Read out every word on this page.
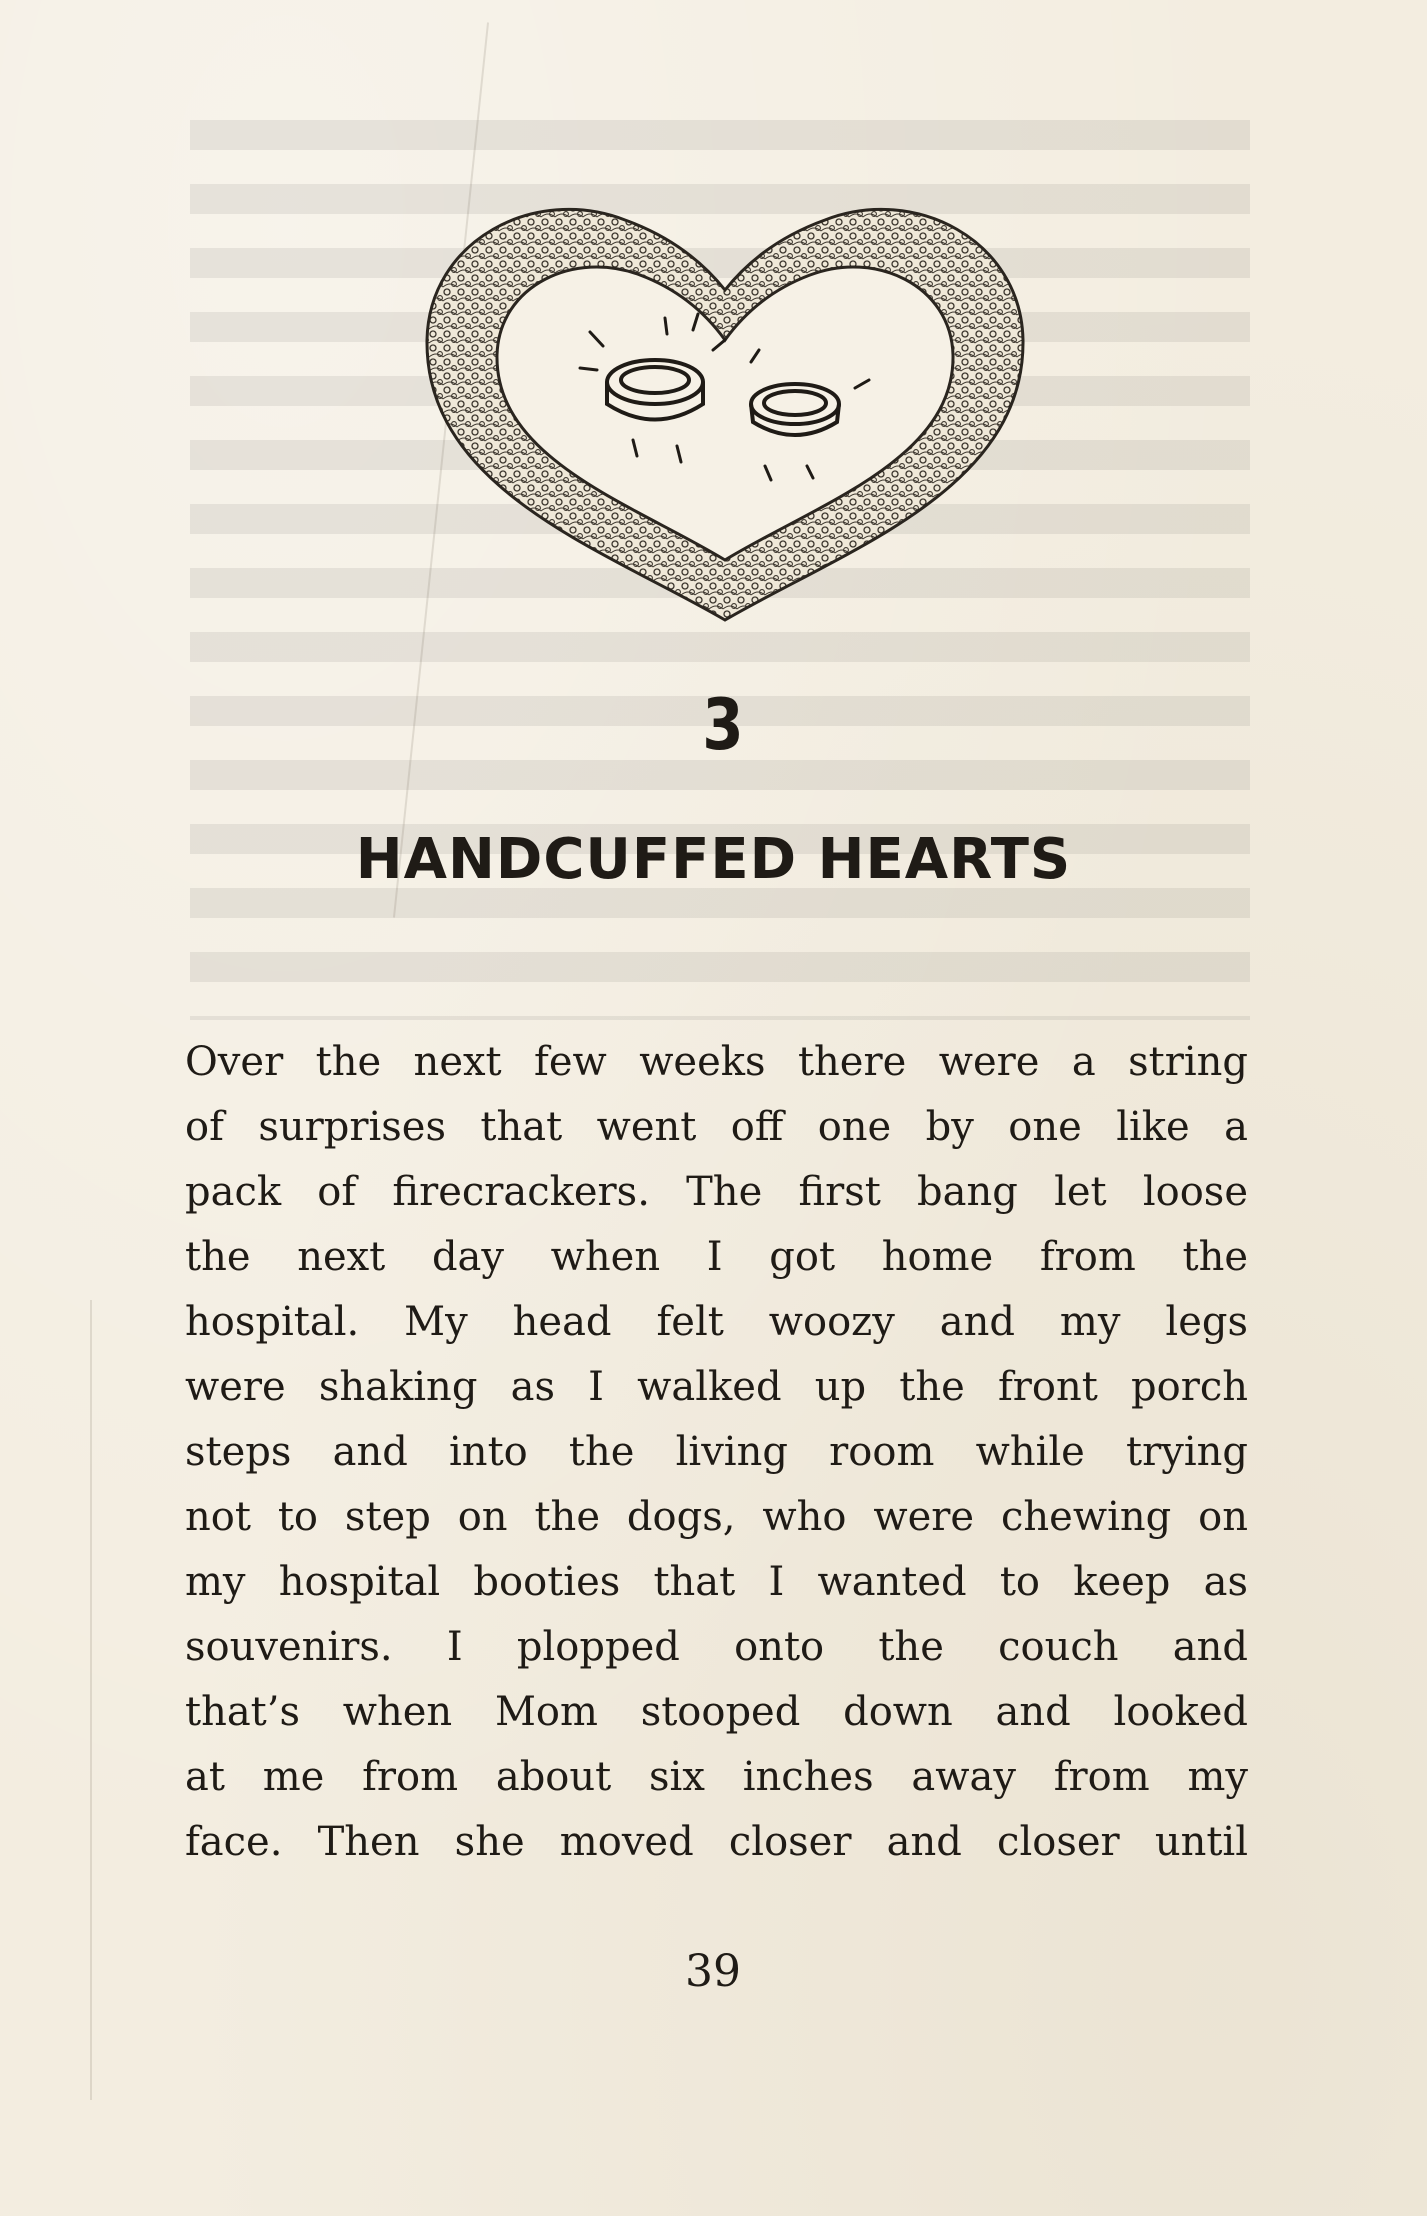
3
HANDCUFFED HEARTS
Over the next few weeks there were a string
of surprises that went off one by one like a
pack of firecrackers. The first bang let loose
the next day when I got home from the
hospital. My head felt woozy and my legs
were shaking as I walked up the front porch
steps and into the living room while trying
not to step on the dogs, who were chewing on
my hospital booties that I wanted to keep as
souvenirs. I plopped onto the couch and
that’s when Mom stooped down and looked
at me from about six inches away from my
face. Then she moved closer and closer until
39
